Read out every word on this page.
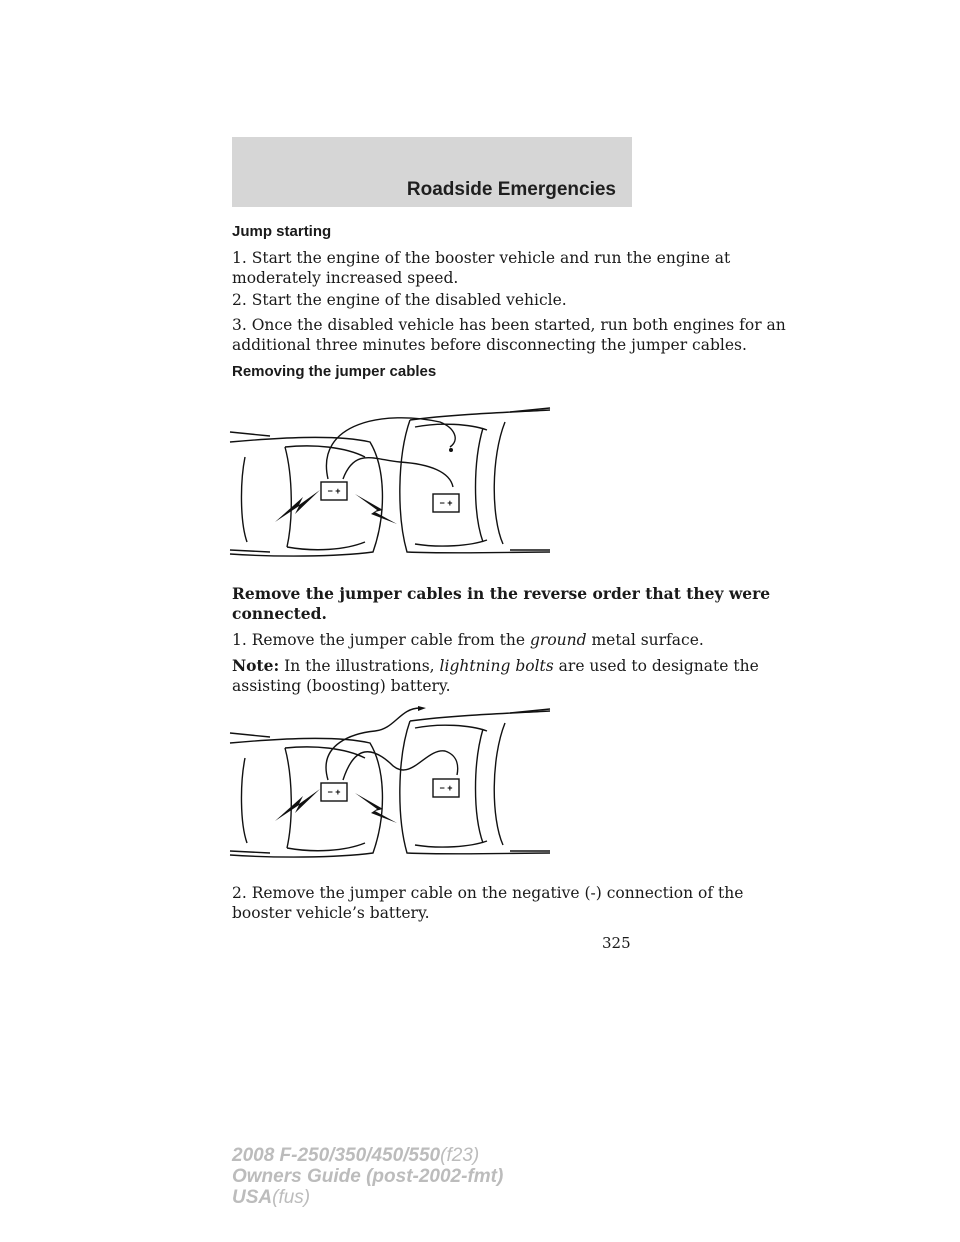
Roadside Emergencies
Jump starting
1. Start the engine of the booster vehicle and run the engine at
moderately increased speed.
2. Start the engine of the disabled vehicle.
3. Once the disabled vehicle has been started, run both engines for an
additional three minutes before disconnecting the jumper cables.
Removing the jumper cables
− +
− +
Remove the jumper cables in the reverse order that they were
connected.
1. Remove the jumper cable from the ground metal surface.
Note: In the illustrations, lightning bolts are used to designate the
assisting (boosting) battery.
− +	− +
2. Remove the jumper cable on the negative (-) connection of the
booster vehicle’s battery.
325
2008 F-250/350/450/550(f23)
Owners Guide (post-2002-fmt)
USA(fus)
